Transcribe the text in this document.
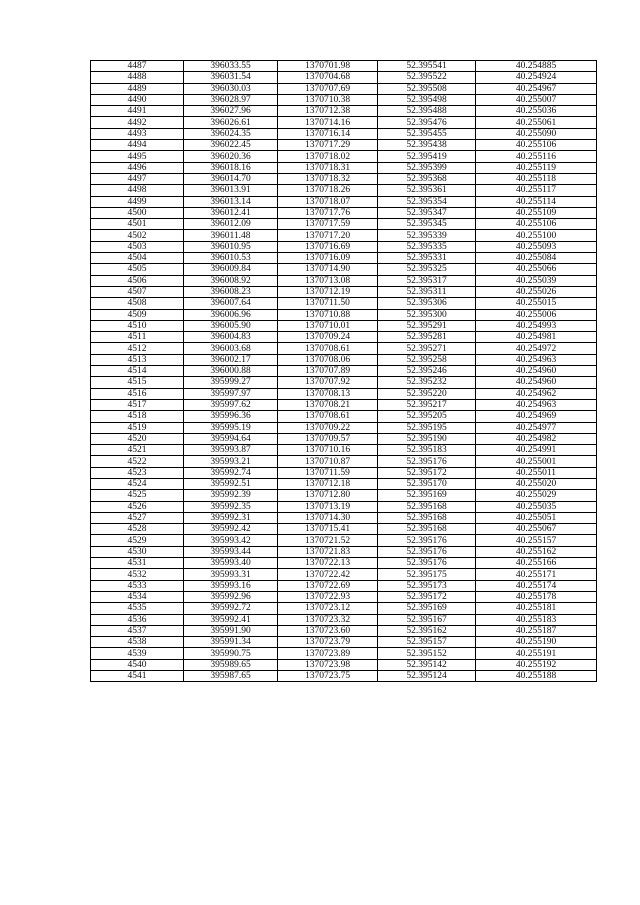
4487	396033.55	1370701.98	52.395541	40.254885
4488	396031.54	1370704.68	52.395522	40.254924
4489	396030.03	1370707.69	52.395508	40.254967
4490	396028.97	1370710.38	52.395498	40.255007
4491	396027.96	1370712.38	52.395488	40.255036
4492	396026.61	1370714.16	52.395476	40.255061
4493	396024.35	1370716.14	52.395455	40.255090
4494	396022.45	1370717.29	52.395438	40.255106
4495	396020.36	1370718.02	52.395419	40.255116
4496	396018.16	1370718.31	52.395399	40.255119
4497	396014.70	1370718.32	52.395368	40.255118
4498	396013.91	1370718.26	52.395361	40.255117
4499	396013.14	1370718.07	52.395354	40.255114
4500	396012.41	1370717.76	52.395347	40.255109
4501	396012.09	1370717.59	52.395345	40.255106
4502	396011.48	1370717.20	52.395339	40.255100
4503	396010.95	1370716.69	52.395335	40.255093
4504	396010.53	1370716.09	52.395331	40.255084
4505	396009.84	1370714.90	52.395325	40.255066
4506	396008.92	1370713.08	52.395317	40.255039
4507	396008.23	1370712.19	52.395311	40.255026
4508	396007.64	1370711.50	52.395306	40.255015
4509	396006.96	1370710.88	52.395300	40.255006
4510	396005.90	1370710.01	52.395291	40.254993
4511	396004.83	1370709.24	52.395281	40.254981
4512	396003.68	1370708.61	52.395271	40.254972
4513	396002.17	1370708.06	52.395258	40.254963
4514	396000.88	1370707.89	52.395246	40.254960
4515	395999.27	1370707.92	52.395232	40.254960
4516	395997.97	1370708.13	52.395220	40.254962
4517	395997.62	1370708.21	52.395217	40.254963
4518	395996.36	1370708.61	52.395205	40.254969
4519	395995.19	1370709.22	52.395195	40.254977
4520	395994.64	1370709.57	52.395190	40.254982
4521	395993.87	1370710.16	52.395183	40.254991
4522	395993.21	1370710.87	52.395176	40.255001
4523	395992.74	1370711.59	52.395172	40.255011
4524	395992.51	1370712.18	52.395170	40.255020
4525	395992.39	1370712.80	52.395169	40.255029
4526	395992.35	1370713.19	52.395168	40.255035
4527	395992.31	1370714.30	52.395168	40.255051
4528	395992.42	1370715.41	52.395168	40.255067
4529	395993.42	1370721.52	52.395176	40.255157
4530	395993.44	1370721.83	52.395176	40.255162
4531	395993.40	1370722.13	52.395176	40.255166
4532	395993.31	1370722.42	52.395175	40.255171
4533	395993.16	1370722.69	52.395173	40.255174
4534	395992.96	1370722.93	52.395172	40.255178
4535	395992.72	1370723.12	52.395169	40.255181
4536	395992.41	1370723.32	52.395167	40.255183
4537	395991.90	1370723.60	52.395162	40.255187
4538	395991.34	1370723.79	52.395157	40.255190
4539	395990.75	1370723.89	52.395152	40.255191
4540	395989.65	1370723.98	52.395142	40.255192
4541	395987.65	1370723.75	52.395124	40.255188
